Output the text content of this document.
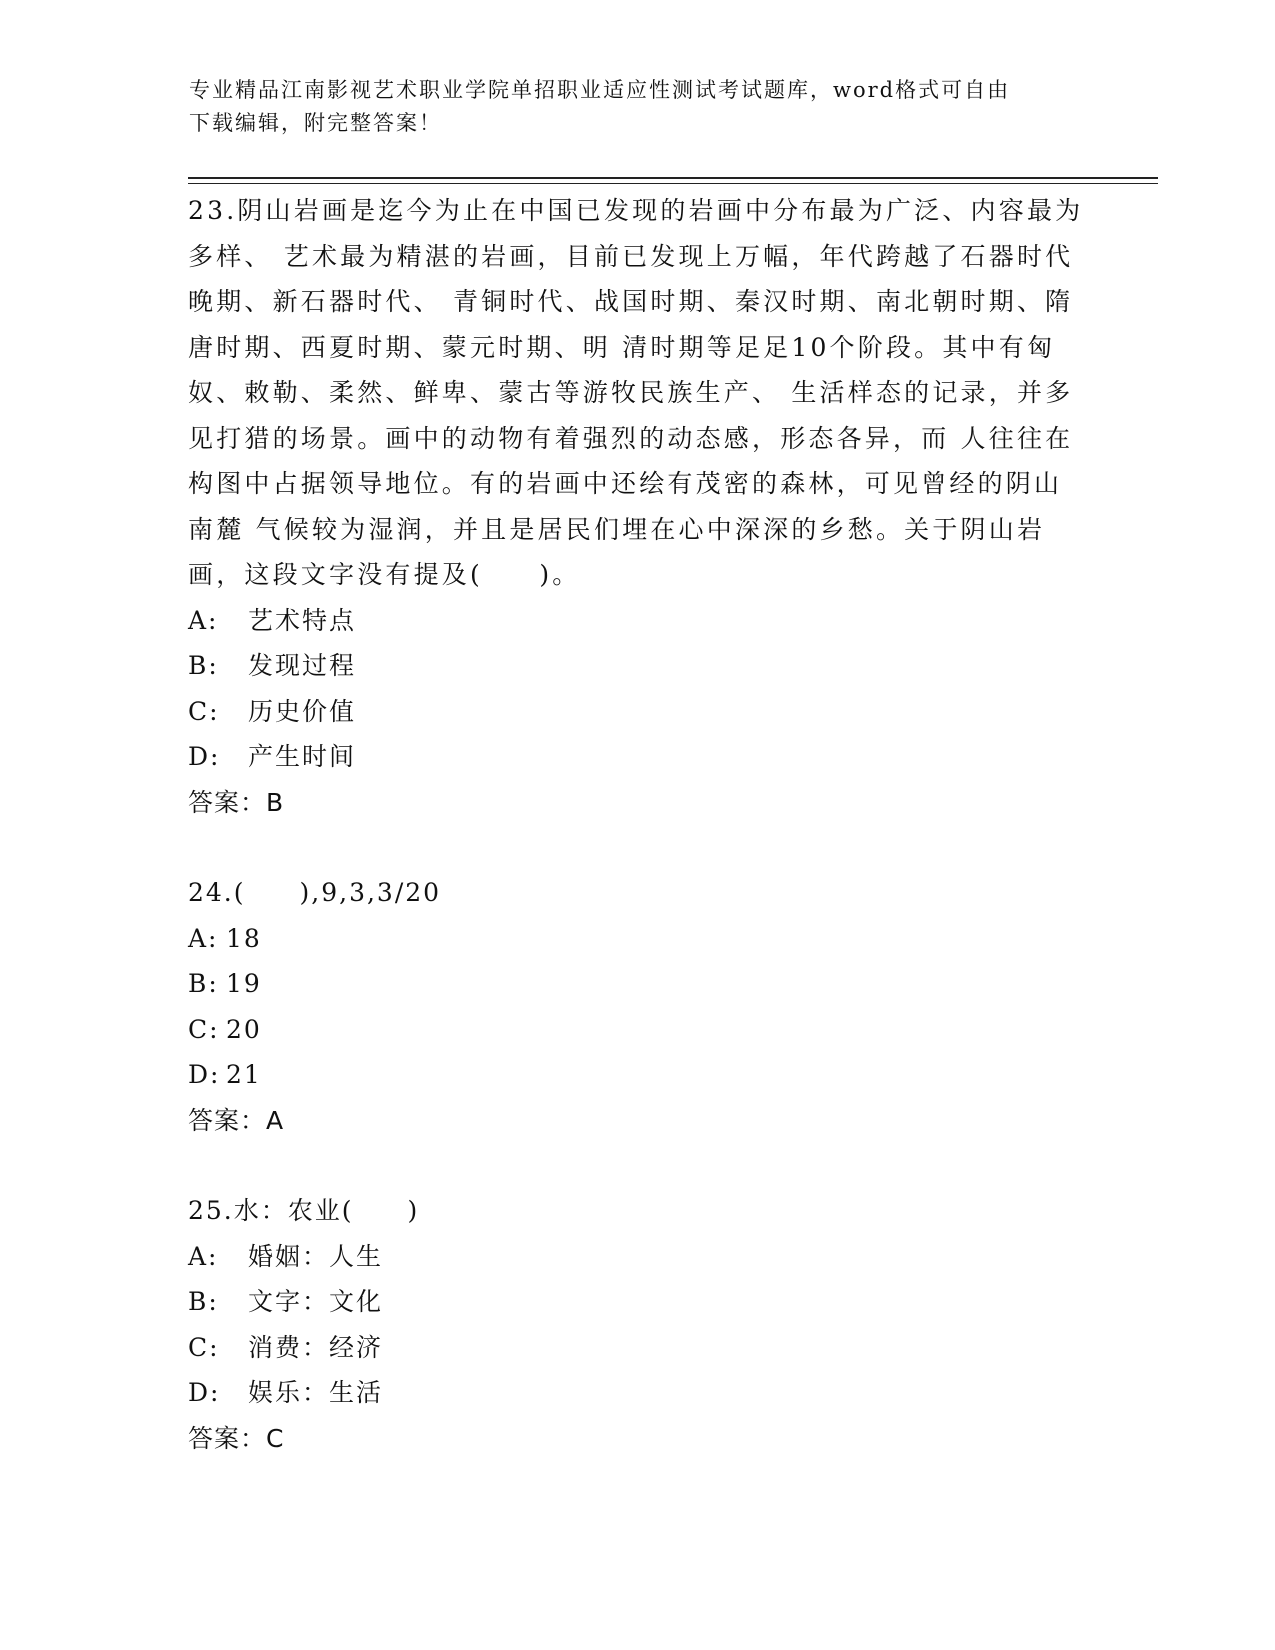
专业精品江南影视艺术职业学院单招职业适应性测试考试题库，word格式可自由
下载编辑，附完整答案！

23.阴山岩画是迄今为止在中国已发现的岩画中分布最为广泛、内容最为多样、 艺术最为精湛的岩画，目前已发现上万幅，年代跨越了石器时代晚期、新石器时代、 青铜时代、战国时期、秦汉时期、南北朝时期、隋唐时期、西夏时期、蒙元时期、明 清时期等足足10个阶段。其中有匈奴、敕勒、柔然、鲜卑、蒙古等游牧民族生产、 生活样态的记录，并多见打猎的场景。画中的动物有着强烈的动态感，形态各异，而 人往往在构图中占据领导地位。有的岩画中还绘有茂密的森林，可见曾经的阴山南麓 气候较为湿润，并且是居民们埋在心中深深的乡愁。关于阴山岩画，这段文字没有提及(　　)。

A: 艺术特点
B: 发现过程
C: 历史价值
D: 产生时间

答案：B

24.(　　),9,3,3/20

A: 18
B: 19
C: 20
D: 21

答案：A

25.水：农业(　　)

A: 婚姻：人生
B: 文字：文化
C: 消费：经济
D: 娱乐：生活

答案：C
